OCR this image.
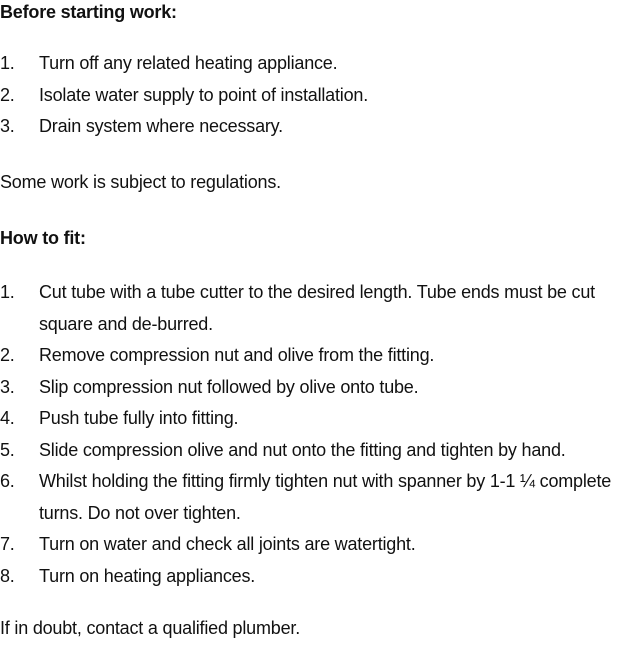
Before starting work:
1.	Turn off any related heating appliance.
2.	Isolate water supply to point of installation.
3.	Drain system where necessary.

Some work is subject to regulations.

How to fit:
1.	Cut tube with a tube cutter to the desired length. Tube ends must be cut square and de-burred.
2.	Remove compression nut and olive from the fitting.
3.	Slip compression nut followed by olive onto tube.
4.	Push tube fully into fitting.
5.	Slide compression olive and nut onto the fitting and tighten by hand.
6.	Whilst holding the fitting firmly tighten nut with spanner by 1-1 ¼ complete turns. Do not over tighten.
7.	Turn on water and check all joints are watertight.
8.	Turn on heating appliances.

If in doubt, contact a qualified plumber.
